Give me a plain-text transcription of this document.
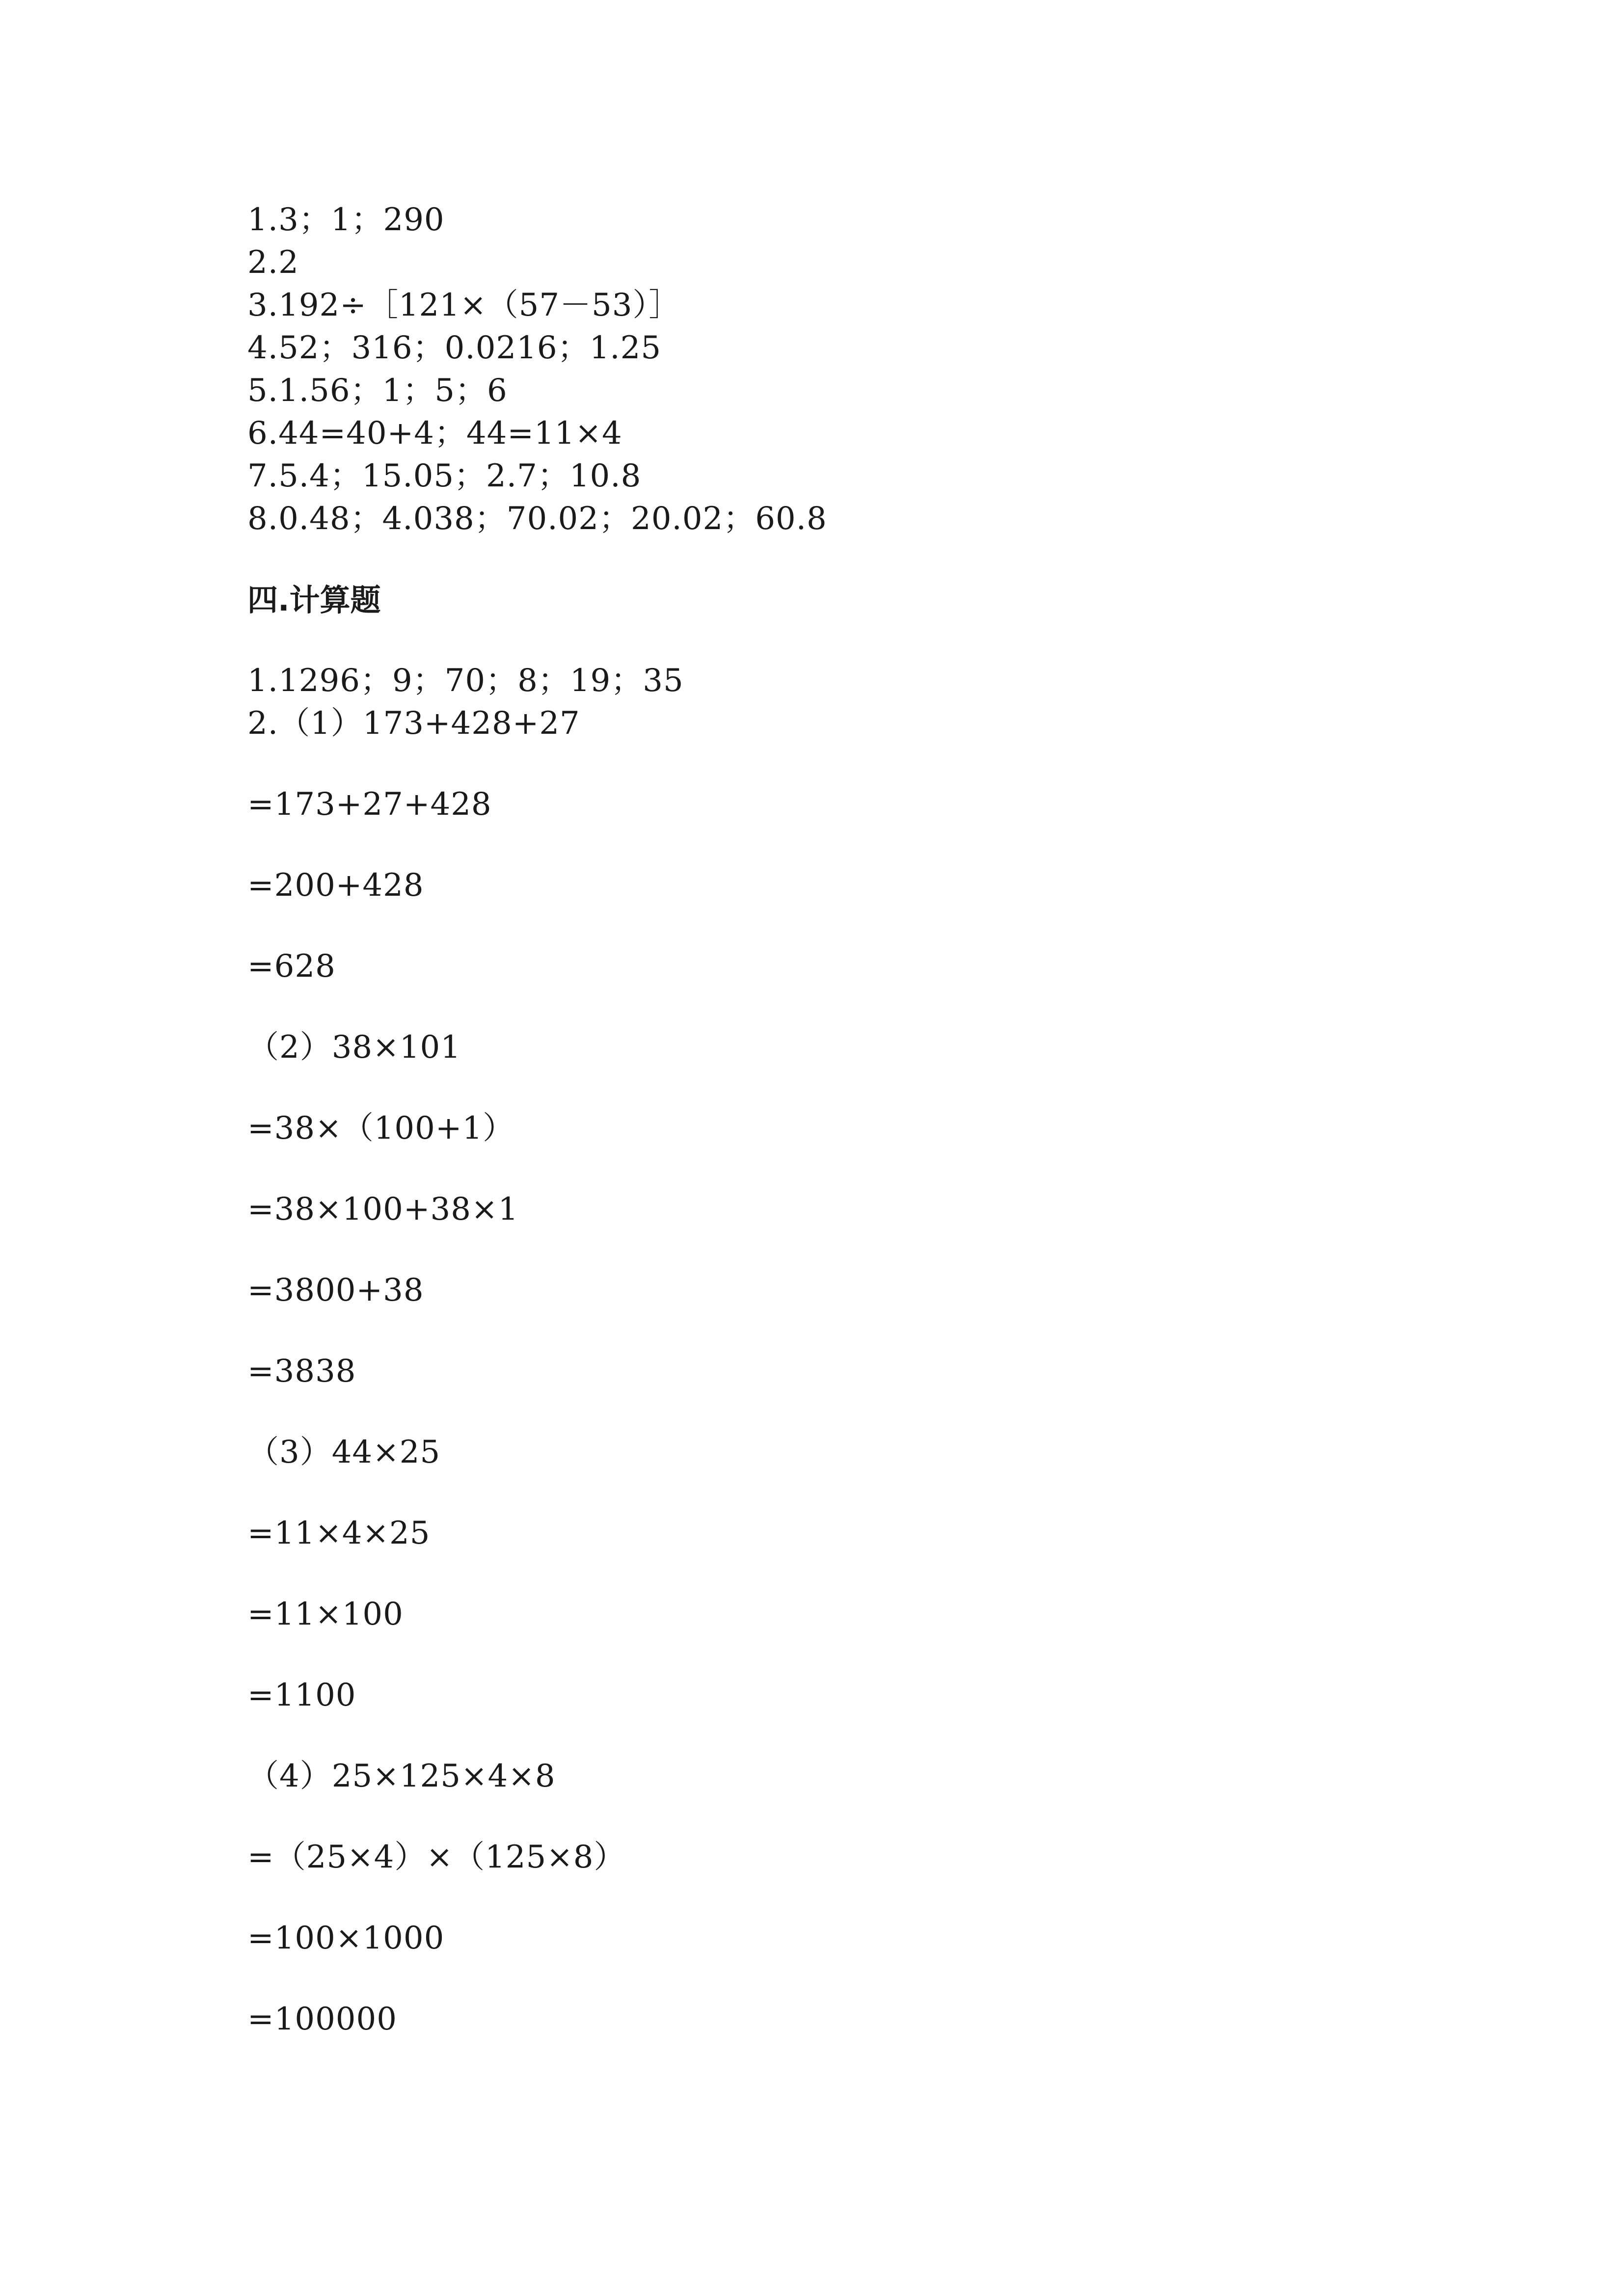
1.3；1；290
2.2
3.192÷［121×（57－53）］
4.52；316；0.0216；1.25
5.1.56；1；5；6
6.44=40+4；44=11×4
7.5.4；15.05；2.7；10.8
8.0.48；4.038；70.02；20.02；60.8
四.计算题
1.1296；9；70；8；19；35
2.（1）173+428+27
=173+27+428
=200+428
=628
（2）38×101
=38×（100+1）
=38×100+38×1
=3800+38
=3838
（3）44×25
=11×4×25
=11×100
=1100
（4）25×125×4×8
=（25×4）×（125×8）
=100×1000
=100000
